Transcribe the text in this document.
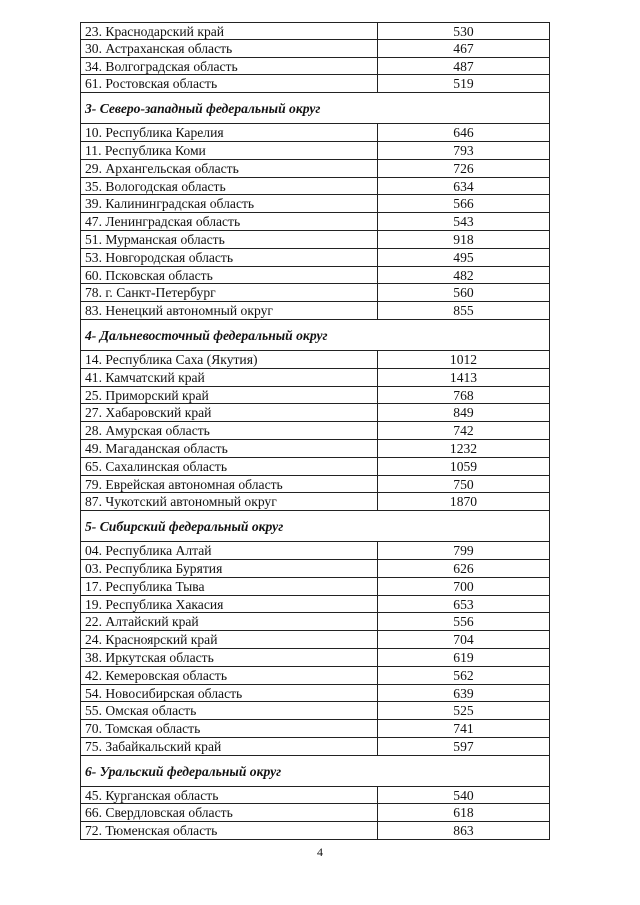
23. Краснодарский край	530
30. Астраханская область	467
34. Волгоградская область	487
61. Ростовская область	519
3- Северо-западный федеральный округ
10. Республика Карелия	646
11. Республика Коми	793
29. Архангельская область	726
35. Вологодская область	634
39. Калининградская область	566
47. Ленинградская область	543
51. Мурманская область	918
53. Новгородская область	495
60. Псковская область	482
78. г. Санкт-Петербург	560
83. Ненецкий автономный округ	855
4- Дальневосточный федеральный округ
14. Республика Саха (Якутия)	1012
41. Камчатский край	1413
25. Приморский край	768
27. Хабаровский край	849
28. Амурская область	742
49. Магаданская область	1232
65. Сахалинская область	1059
79. Еврейская автономная область	750
87. Чукотский автономный округ	1870
5- Сибирский федеральный округ
04. Республика Алтай	799
03. Республика Бурятия	626
17. Республика Тыва	700
19. Республика Хакасия	653
22. Алтайский край	556
24. Красноярский край	704
38. Иркутская область	619
42. Кемеровская область	562
54. Новосибирская область	639
55. Омская область	525
70. Томская область	741
75. Забайкальский край	597
6- Уральский федеральный округ
45. Курганская область	540
66. Свердловская область	618
72. Тюменская область	863
4
